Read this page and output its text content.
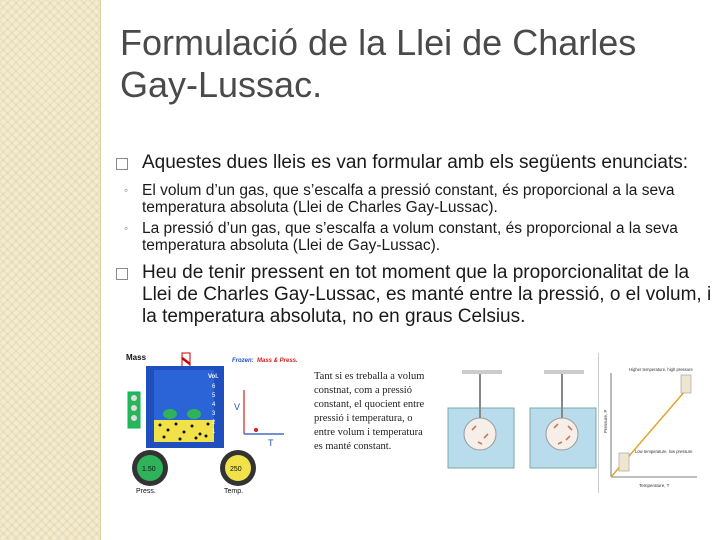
Formulació de la Llei de Charles
Gay-Lussac.
Aquestes dues lleis es van formular amb els següents enunciats:
◦ El volum d’un gas, que s’escalfa a pressió constant, és proporcional a la seva temperatura absoluta (Llei de Charles Gay-Lussac).
◦ La pressió d’un gas, que s’escalfa a volum constant, és proporcional a la seva temperatura absoluta (Llei de Gay-Lussac).
Heu de tenir pressent en tot moment que la proporcionalitat de la Llei de Charles Gay-Lussac, es manté entre la pressió, o el volum, i la temperatura absoluta, no en graus Celsius.
Mass	Frozen: Mass & Press.
Vol.
6
5
4
3
2
1
V
T
1.50	250
Press.	Temp.
Tant si es treballa a volum constnat, com a pressió constant, el quocient entre pressió i temperatura, o entre volum i temperatura es manté constant.
Higher temperature, high pressure
Low temperature, low pressure
Pressure, P
Temperature, T
